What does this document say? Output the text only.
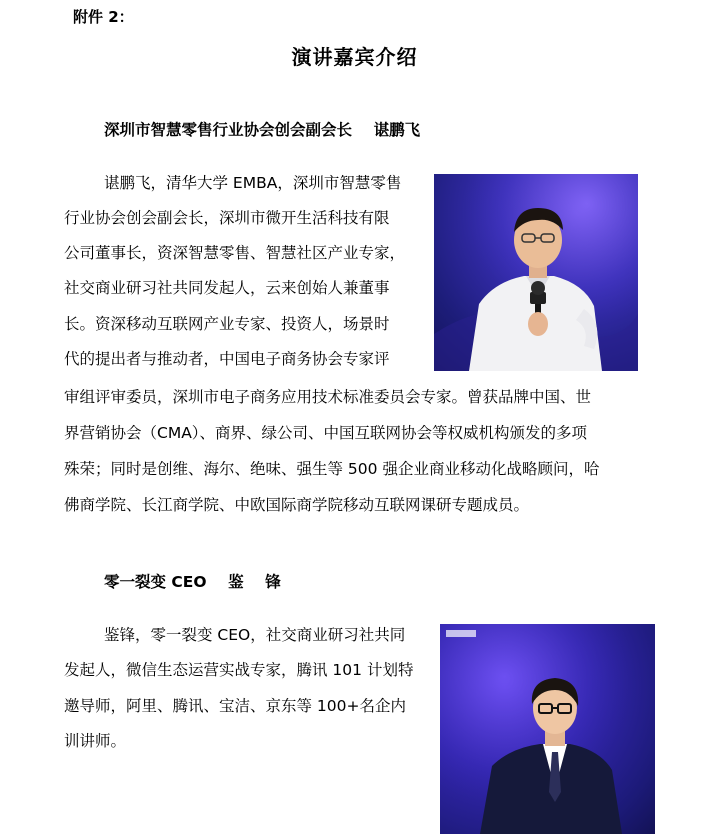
附件 2：
演讲嘉宾介绍
深圳市智慧零售行业协会创会副会长    谌鹏飞
谌鹏飞，清华大学 EMBA，深圳市智慧零售
行业协会创会副会长，深圳市微开生活科技有限
公司董事长，资深智慧零售、智慧社区产业专家，
社交商业研习社共同发起人，云来创始人兼董事
长。资深移动互联网产业专家、投资人，场景时
代的提出者与推动者，中国电子商务协会专家评
审组评审委员，深圳市电子商务应用技术标准委员会专家。曾获品牌中国、世
界营销协会（CMA）、商界、绿公司、中国互联网协会等权威机构颁发的多项
殊荣；同时是创维、海尔、绝味、强生等 500 强企业商业移动化战略顾问，哈
佛商学院、长江商学院、中欧国际商学院移动互联网课研专题成员。
零一裂变 CEO    鉴    锋
鉴锋，零一裂变 CEO，社交商业研习社共同
发起人，微信生态运营实战专家，腾讯 101 计划特
邀导师，阿里、腾讯、宝洁、京东等 100+名企内
训讲师。
